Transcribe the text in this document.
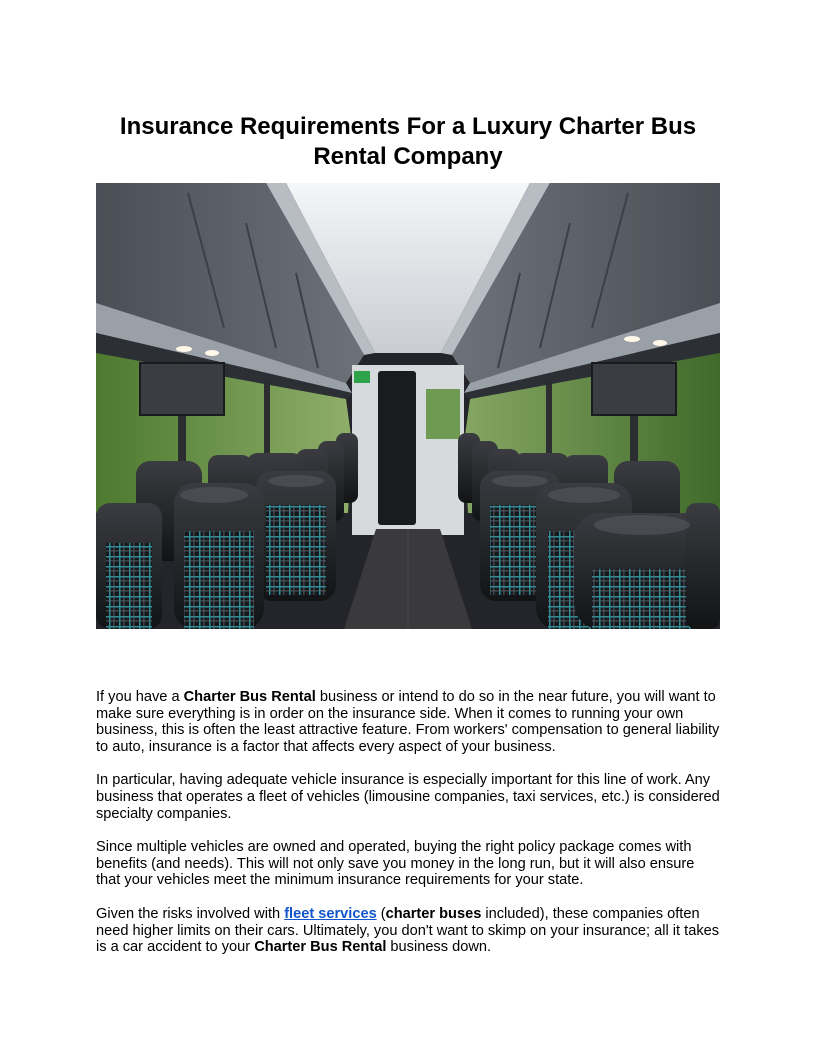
Insurance Requirements For a Luxury Charter Bus Rental Company

If you have a Charter Bus Rental business or intend to do so in the near future, you will want to make sure everything is in order on the insurance side. When it comes to running your own business, this is often the least attractive feature. From workers' compensation to general liability to auto, insurance is a factor that affects every aspect of your business.

In particular, having adequate vehicle insurance is especially important for this line of work. Any business that operates a fleet of vehicles (limousine companies, taxi services, etc.) is considered specialty companies.

Since multiple vehicles are owned and operated, buying the right policy package comes with benefits (and needs). This will not only save you money in the long run, but it will also ensure that your vehicles meet the minimum insurance requirements for your state.

Given the risks involved with fleet services (charter buses included), these companies often need higher limits on their cars. Ultimately, you don't want to skimp on your insurance; all it takes is a car accident to your Charter Bus Rental business down.
